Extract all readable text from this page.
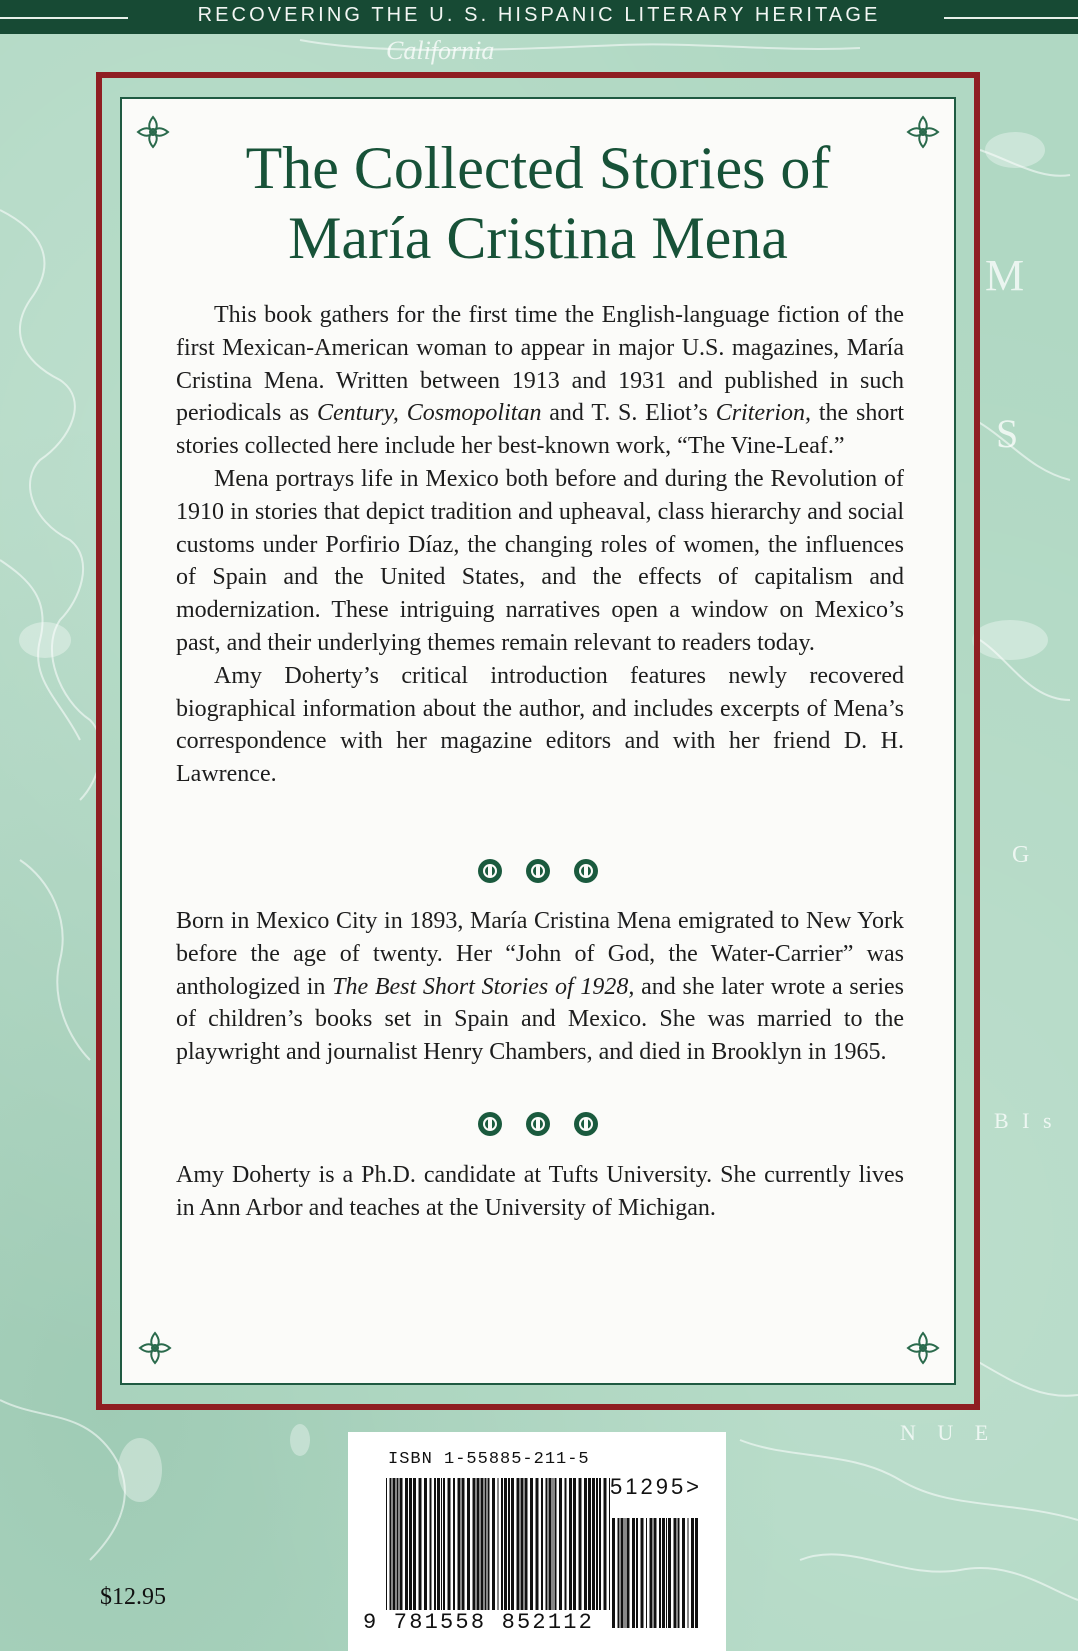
California
M
S
G
B I s
N U E
RECOVERING THE U. S. HISPANIC LITERARY HERITAGE
The Collected Stories of
María Cristina Mena

This book gathers for the first time the English-language fiction of the first Mexican-American woman to appear in major U.S. magazines, María Cristina Mena. Written between 1913 and 1931 and published in such periodicals as Century, Cosmopolitan and T. S. Eliot’s Criterion, the short stories collected here include her best-known work, “The Vine-Leaf.”

Mena portrays life in Mexico both before and during the Revolution of 1910 in stories that depict tradition and upheaval, class hierarchy and social customs under Porfirio Díaz, the changing roles of women, the influences of Spain and the United States, and the effects of capitalism and modernization. These intriguing narratives open a window on Mexico’s past, and their underlying themes remain relevant to readers today.

Amy Doherty’s critical introduction features newly recovered biographical information about the author, and includes excerpts of Mena’s correspondence with her magazine editors and with her friend D. H. Lawrence.

Born in Mexico City in 1893, María Cristina Mena emigrated to New York before the age of twenty. Her “John of God, the Water-Carrier” was anthologized in The Best Short Stories of 1928, and she later wrote a series of children’s books set in Spain and Mexico. She was married to the playwright and journalist Henry Chambers, and died in Brooklyn in 1965.

Amy Doherty is a Ph.D. candidate at Tufts University. She currently lives in Ann Arbor and teaches at the University of Michigan.

ISBN 1-55885-211-5
51295>
9 781558 852112
$12.95
